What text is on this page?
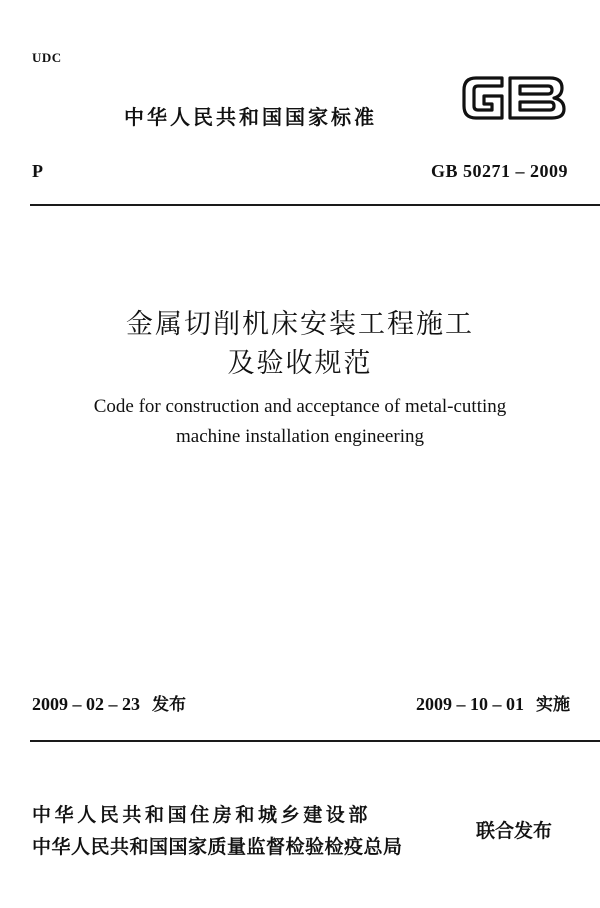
UDC
中华人民共和国国家标准
P	GB 50271 – 2009
金属切削机床安装工程施工
及验收规范
Code for construction and acceptance of metal-cutting
machine installation engineering
2009 – 02 – 23 发布	2009 – 10 – 01 实施
中华人民共和国住房和城乡建设部
中华人民共和国国家质量监督检验检疫总局
联合发布
